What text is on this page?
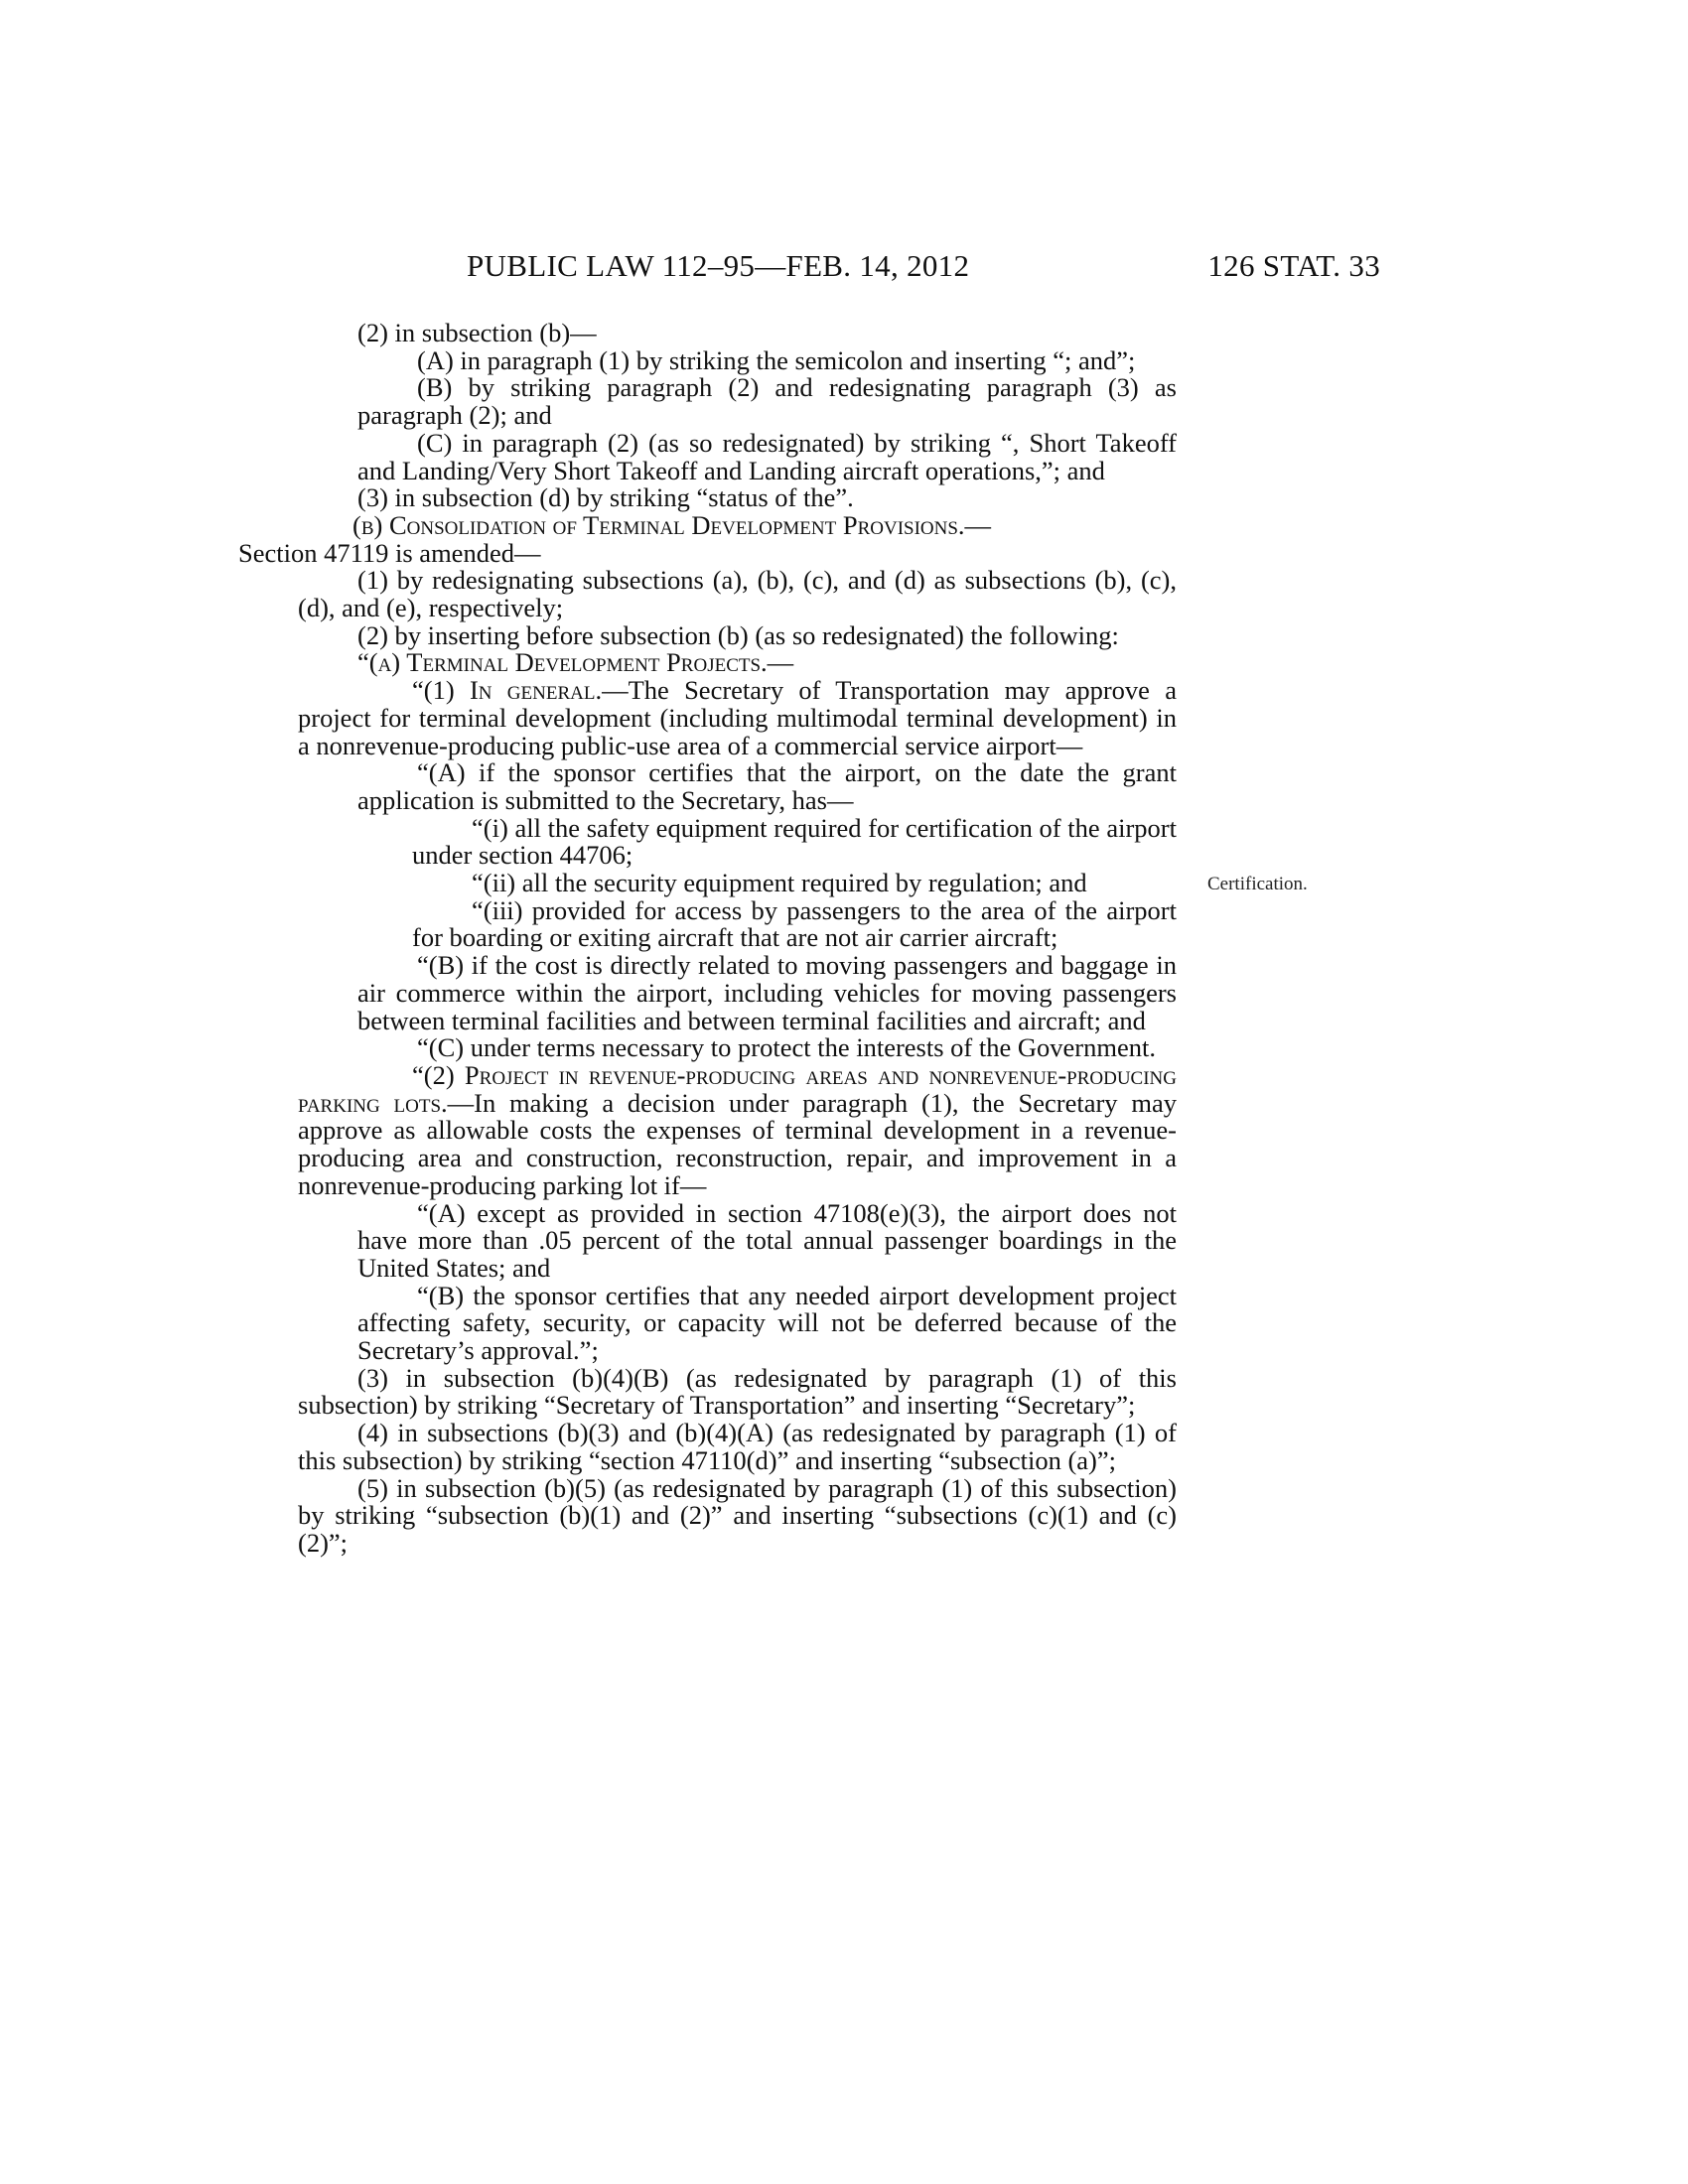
PUBLIC LAW 112–95—FEB. 14, 2012	126 STAT. 33
Certification.

(2) in subsection (b)—

(A) in paragraph (1) by striking the semicolon and inserting “; and”;

(B) by striking paragraph (2) and redesignating paragraph (3) as paragraph (2); and

(C) in paragraph (2) (as so redesignated) by striking “, Short Takeoff and Landing/Very Short Takeoff and Landing aircraft operations,”; and

(3) in subsection (d) by striking “status of the”.

(b) Consolidation of Terminal Development Provisions.—
Section 47119 is amended—

(1) by redesignating subsections (a), (b), (c), and (d) as subsections (b), (c), (d), and (e), respectively;

(2) by inserting before subsection (b) (as so redesignated) the following:

“(a) Terminal Development Projects.—

“(1) In general.—The Secretary of Transportation may approve a project for terminal development (including multimodal terminal development) in a nonrevenue-producing public-use area of a commercial service airport—

“(A) if the sponsor certifies that the airport, on the date the grant application is submitted to the Secretary, has—

“(i) all the safety equipment required for certification of the airport under section 44706;

“(ii) all the security equipment required by regulation; and

“(iii) provided for access by passengers to the area of the airport for boarding or exiting aircraft that are not air carrier aircraft;

“(B) if the cost is directly related to moving passengers and baggage in air commerce within the airport, including vehicles for moving passengers between terminal facilities and between terminal facilities and aircraft; and

“(C) under terms necessary to protect the interests of the Government.

“(2) Project in revenue-producing areas and nonrevenue-producing parking lots.—In making a decision under paragraph (1), the Secretary may approve as allowable costs the expenses of terminal development in a revenue-producing area and construction, reconstruction, repair, and improvement in a nonrevenue-producing parking lot if—

“(A) except as provided in section 47108(e)(3), the airport does not have more than .05 percent of the total annual passenger boardings in the United States; and

“(B) the sponsor certifies that any needed airport development project affecting safety, security, or capacity will not be deferred because of the Secretary’s approval.”;

(3) in subsection (b)(4)(B) (as redesignated by paragraph (1) of this subsection) by striking “Secretary of Transportation” and inserting “Secretary”;

(4) in subsections (b)(3) and (b)(4)(A) (as redesignated by paragraph (1) of this subsection) by striking “section 47110(d)” and inserting “subsection (a)”;

(5) in subsection (b)(5) (as redesignated by paragraph (1) of this subsection) by striking “subsection (b)(1) and (2)” and inserting “subsections (c)(1) and (c)(2)”;
